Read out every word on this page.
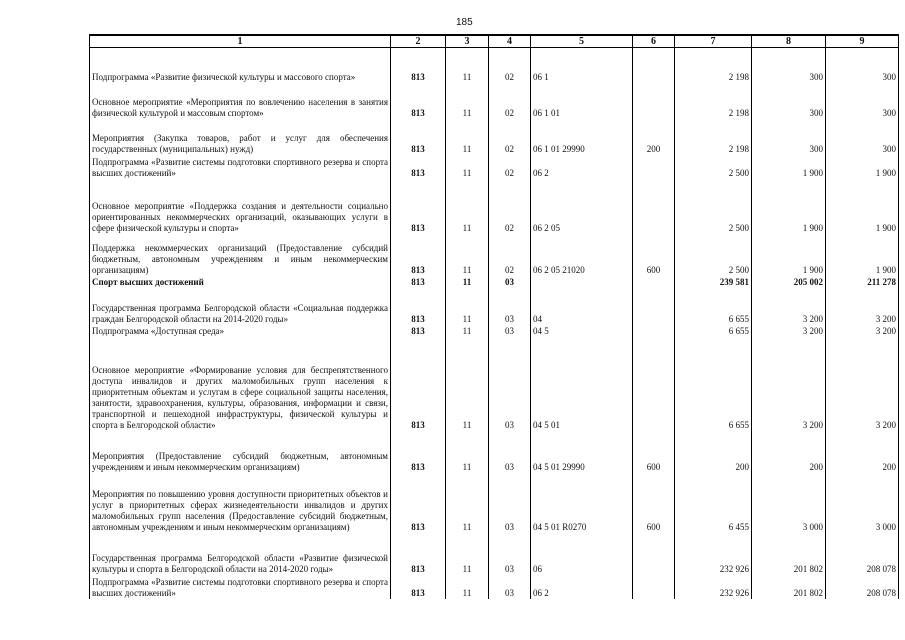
185
1	2	3	4	5	6	7	8	9
Подпрограмма «Развитие физической культуры и массового спорта»	813	11	02	06 1		2 198	300	300
Основное мероприятие «Мероприятия по вовлечению населения в занятия физической культурой и массовым спортом»	813	11	02	06 1 01		2 198	300	300
Мероприятия (Закупка товаров, работ и услуг для обеспечения государственных (муниципальных) нужд)	813	11	02	06 1 01 29990	200	2 198	300	300
Подпрограмма «Развитие системы подготовки спортивного резерва и спорта высших достижений»	813	11	02	06 2		2 500	1 900	1 900
Основное мероприятие «Поддержка создания и деятельности социально ориентированных некоммерческих организаций, оказывающих услуги в сфере физической культуры и спорта»	813	11	02	06 2 05		2 500	1 900	1 900
Поддержка некоммерческих организаций (Предоставление субсидий бюджетным, автономным учреждениям и иным некоммерческим организациям)	813	11	02	06 2 05 21020	600	2 500	1 900	1 900
Спорт высших достижений	813	11	03			239 581	205 002	211 278
Государственная программа Белгородской области «Социальная поддержка граждан Белгородской области на 2014-2020 годы»	813	11	03	04		6 655	3 200	3 200
Подпрограмма «Доступная среда»	813	11	03	04 5		6 655	3 200	3 200
Основное мероприятие «Формирование условия для беспрепятственного доступа инвалидов и других маломобильных групп населения к приоритетным объектам и услугам в сфере социальной защиты населения, занятости, здравоохранения, культуры, образования, информации и связи, транспортной и пешеходной инфраструктуры, физической культуры и спорта в Белгородской области»	813	11	03	04 5 01		6 655	3 200	3 200
Мероприятия (Предоставление субсидий бюджетным, автономным учреждениям и иным некоммерческим организациям)	813	11	03	04 5 01 29990	600	200	200	200
Мероприятия по повышению уровня доступности приоритетных объектов и услуг в приоритетных сферах жизнедеятельности инвалидов и других маломобильных групп населения (Предоставление субсидий бюджетным, автономным учреждениям и иным некоммерческим организациям)	813	11	03	04 5 01 R0270	600	6 455	3 000	3 000
Государственная программа Белгородской области «Развитие физической культуры и спорта в Белгородской области на 2014-2020 годы»	813	11	03	06		232 926	201 802	208 078
Подпрограмма «Развитие системы подготовки спортивного резерва и спорта высших достижений»	813	11	03	06 2		232 926	201 802	208 078
